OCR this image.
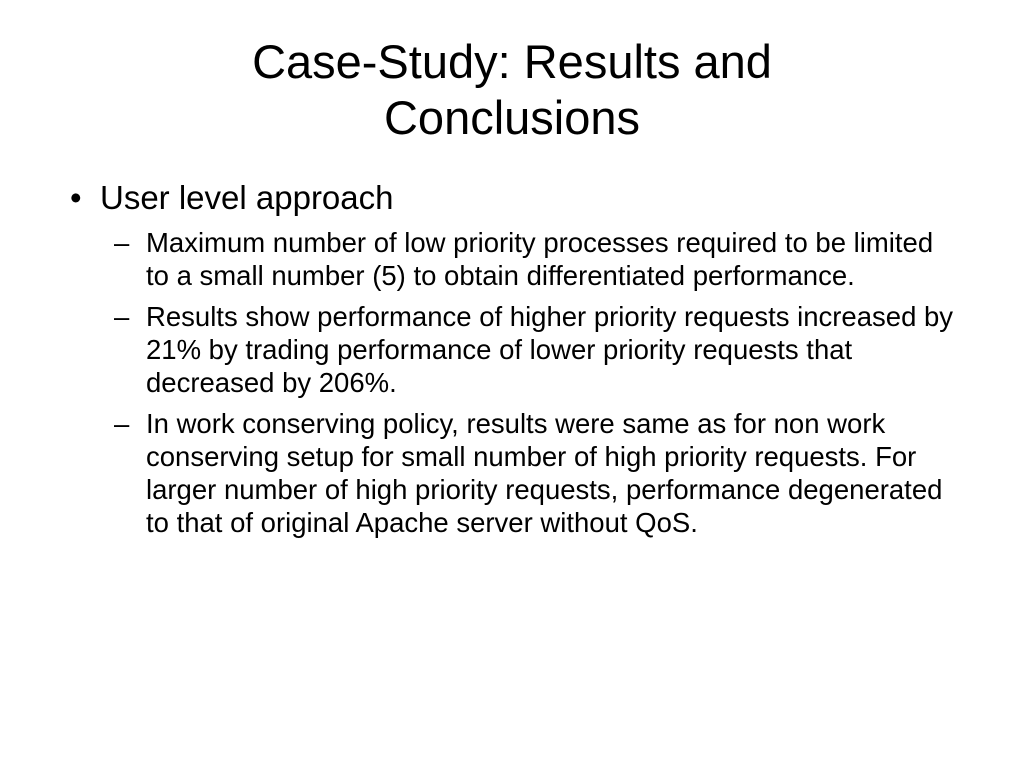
Case-Study: Results and
Conclusions
• User level approach
– Maximum number of low priority processes required to be limited to a small number (5) to obtain differentiated performance.
– Results show performance of higher priority requests increased by 21% by trading performance of lower priority requests that decreased by 206%.
– In work conserving policy, results were same as for non work conserving setup for small number of high priority requests. For larger number of high priority requests, performance degenerated to that of original Apache server without QoS.
